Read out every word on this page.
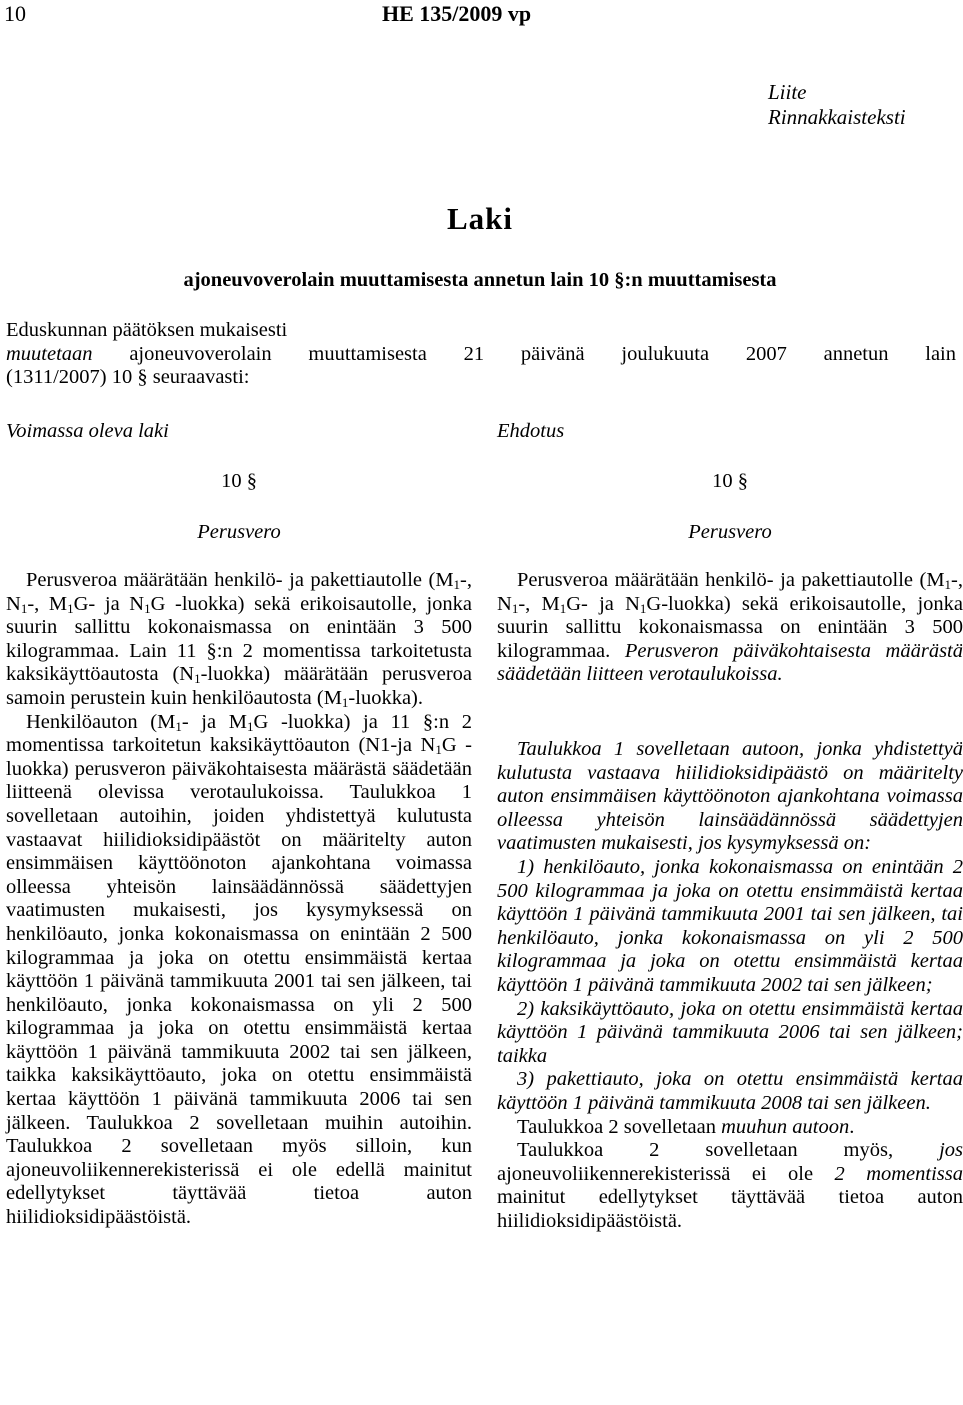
10	HE 135/2009 vp
Liite
Rinnakkaisteksti
Laki
ajoneuvoverolain muuttamisesta annetun lain 10 §:n muuttamisesta

Eduskunnan päätöksen mukaisesti

muutetaan ajoneuvoverolain muuttamisesta 21 päivänä joulukuuta 2007 annetun lain

(1311/2007) 10 § seuraavasti:

Voimassa oleva laki	Ehdotus
10 §	10 §
Perusvero	Perusvero

Perusveroa määrätään henkilö- ja pakettiautolle ($M_1-$, $N_1-$, $M_1G-$ ja $N_1G$ -luokka) sekä erikoisautolle, jonka suurin sallittu kokonaismassa on enintään 3 500 kilogrammaa. Lain 11 §:n 2 momentissa tarkoitetusta kaksikäyttöautosta $(N_1-luokka)$ määrätään perusveroa samoin perustein kuin henkilöautosta $(M_1-luokka)$.

Henkilöauton ($M_1-$ ja $M_1G$ -luokka) ja 11 §:n 2 momentissa tarkoitetun kaksikäyttöauton (N1-ja $N_1G$ -luokka) perusveron päiväkohtaisesta määrästä säädetään liitteenä olevissa verotaulukoissa. Taulukkoa 1 sovelletaan autoihin, joiden yhdistettyä kulutusta vastaavat hiilidioksidipäästöt on määritelty auton ensimmäisen käyttöönoton ajankohtana voimassa olleessa yhteisön lainsäädännössä säädettyjen vaatimusten mukaisesti, jos kysymyksessä on henkilöauto, jonka kokonaismassa on enintään 2 500 kilogrammaa ja joka on otettu ensimmäistä kertaa käyttöön 1 päivänä tammikuuta 2001 tai sen jälkeen, tai henkilöauto, jonka kokonaismassa on yli 2 500 kilogrammaa ja joka on otettu ensimmäistä kertaa käyttöön 1 päivänä tammikuuta 2002 tai sen jälkeen, taikka kaksikäyttöauto, joka on otettu ensimmäistä kertaa käyttöön 1 päivänä tammikuuta 2006 tai sen jälkeen. Taulukkoa 2 sovelletaan muihin autoihin. Taulukkoa 2 sovelletaan myös silloin, kun ajoneuvoliikennerekisterissä ei ole edellä mainitut edellytykset täyttävää tietoa auton hiilidioksidipäästöistä.

Perusveroa määrätään henkilö- ja pakettiautolle ($M_1-$, $N_1-$, $M_1G-$ ja $N_1G-luokka$) sekä erikoisautolle, jonka suurin sallittu kokonaismassa on enintään 3 500 kilogrammaa. Perusveron päiväkohtaisesta määrästä säädetään liitteen verotaulukoissa.

Taulukkoa 1 sovelletaan autoon, jonka yhdistettyä kulutusta vastaava hiilidioksidipäästö on määritelty auton ensimmäisen käyttöönoton ajankohtana voimassa olleessa yhteisön lainsäädännössä säädettyjen vaatimusten mukaisesti, jos kysymyksessä on:

1) henkilöauto, jonka kokonaismassa on enintään 2 500 kilogrammaa ja joka on otettu ensimmäistä kertaa käyttöön 1 päivänä tammikuuta 2001 tai sen jälkeen, tai henkilöauto, jonka kokonaismassa on yli 2 500 kilogrammaa ja joka on otettu ensimmäistä kertaa käyttöön 1 päivänä tammikuuta 2002 tai sen jälkeen;

2) kaksikäyttöauto, joka on otettu ensimmäistä kertaa käyttöön 1 päivänä tammikuuta 2006 tai sen jälkeen; taikka

3) pakettiauto, joka on otettu ensimmäistä kertaa käyttöön 1 päivänä tammikuuta 2008 tai sen jälkeen.

Taulukkoa 2 sovelletaan muuhun autoon.

Taulukkoa 2 sovelletaan myös, jos ajoneuvoliikennerekisterissä ei ole 2 momentissa mainitut edellytykset täyttävää tietoa auton hiilidioksidipäästöistä.
